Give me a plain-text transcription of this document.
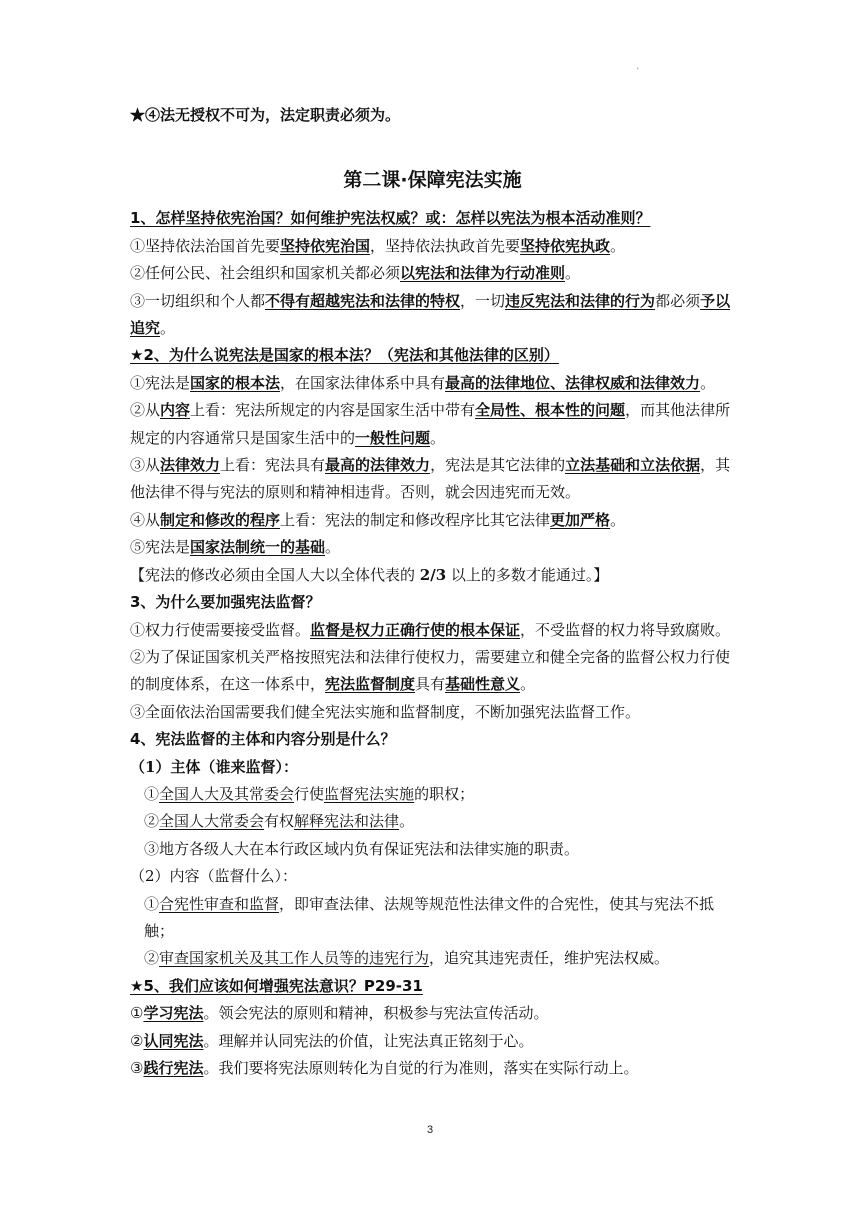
'

★④法无授权不可为，法定职责必须为。

第二课·保障宪法实施

1、怎样坚持依宪治国？如何维护宪法权威？或：怎样以宪法为根本活动准则？

①坚持依法治国首先要坚持依宪治国，坚持依法执政首先要坚持依宪执政。

②任何公民、社会组织和国家机关都必须以宪法和法律为行动准则。

③一切组织和个人都不得有超越宪法和法律的特权，一切违反宪法和法律的行为都必须予以追究。

★2、为什么说宪法是国家的根本法？（宪法和其他法律的区别）

①宪法是国家的根本法，在国家法律体系中具有最高的法律地位、法律权威和法律效力。

②从内容上看：宪法所规定的内容是国家生活中带有全局性、根本性的问题，而其他法律所规定的内容通常只是国家生活中的一般性问题。

③从法律效力上看：宪法具有最高的法律效力，宪法是其它法律的立法基础和立法依据，其他法律不得与宪法的原则和精神相违背。否则，就会因违宪而无效。

④从制定和修改的程序上看：宪法的制定和修改程序比其它法律更加严格。

⑤宪法是国家法制统一的基础。

【宪法的修改必须由全国人大以全体代表的 2/3 以上的多数才能通过。】

3、为什么要加强宪法监督？

①权力行使需要接受监督。监督是权力正确行使的根本保证，不受监督的权力将导致腐败。

②为了保证国家机关严格按照宪法和法律行使权力，需要建立和健全完备的监督公权力行使的制度体系，在这一体系中，宪法监督制度具有基础性意义。

③全面依法治国需要我们健全宪法实施和监督制度，不断加强宪法监督工作。

4、宪法监督的主体和内容分别是什么？

（1）主体（谁来监督）：

①全国人大及其常委会行使监督宪法实施的职权；

②全国人大常委会有权解释宪法和法律。

③地方各级人大在本行政区域内负有保证宪法和法律实施的职责。

（2）内容（监督什么）：

①合宪性审查和监督，即审查法律、法规等规范性法律文件的合宪性，使其与宪法不抵触；

②审查国家机关及其工作人员等的违宪行为，追究其违宪责任，维护宪法权威。

★5、我们应该如何增强宪法意识？P29-31

①学习宪法。领会宪法的原则和精神，积极参与宪法宣传活动。

②认同宪法。理解并认同宪法的价值，让宪法真正铭刻于心。

③践行宪法。我们要将宪法原则转化为自觉的行为准则，落实在实际行动上。

3
